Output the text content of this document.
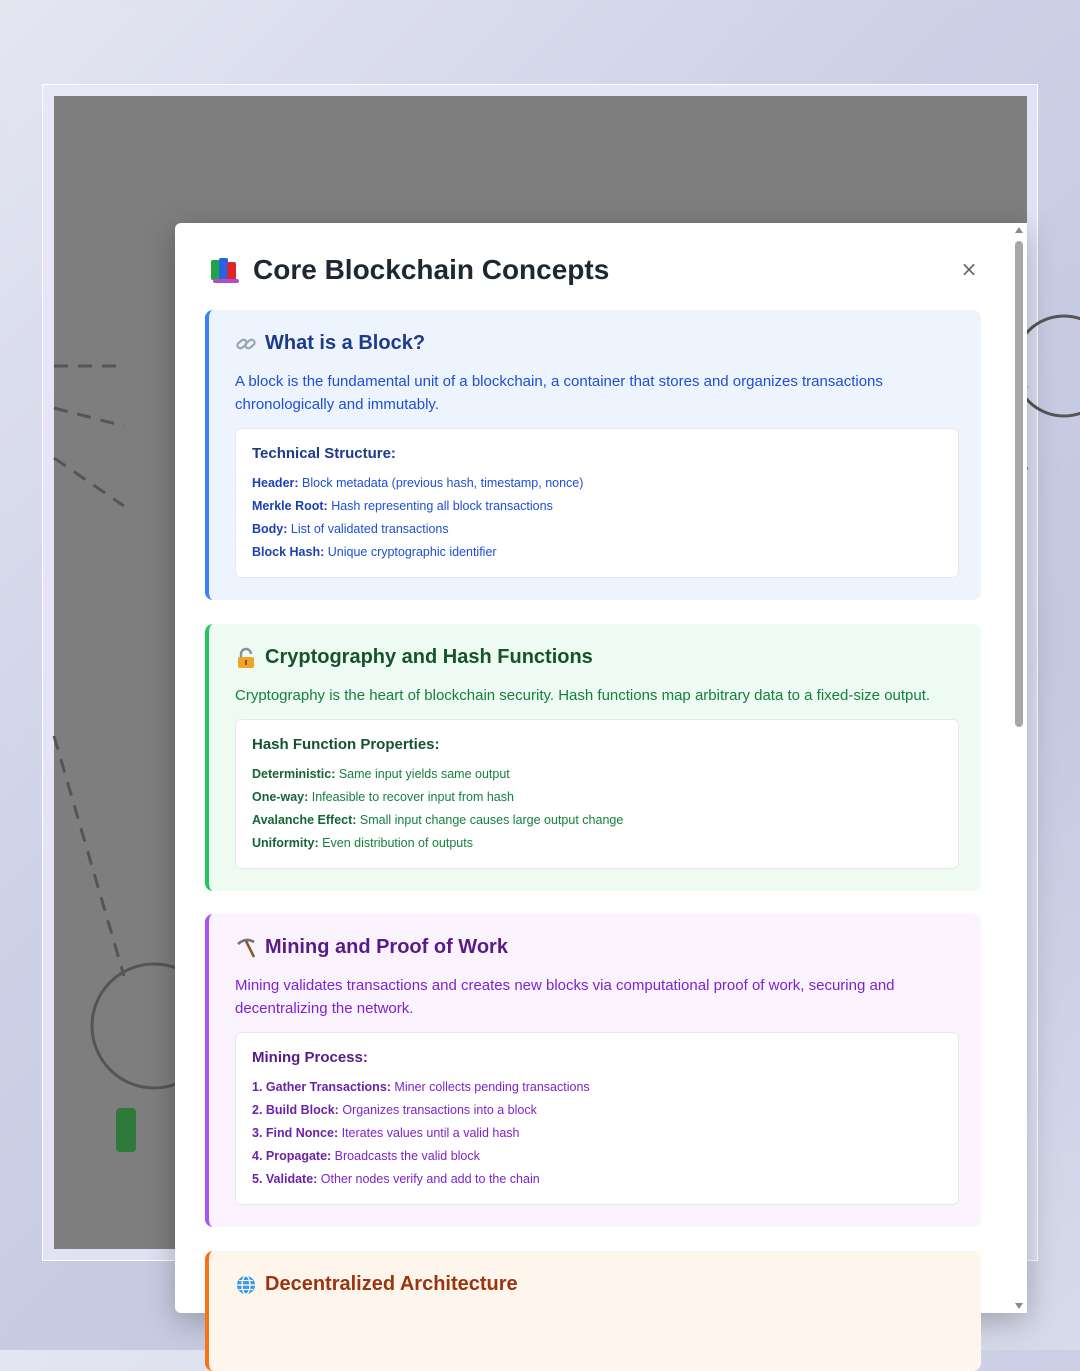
Core Blockchain Concepts	×
What is a Block?

A block is the fundamental unit of a blockchain, a container that stores and organizes transactions chronologically and immutably.

Technical Structure:
Header: Block metadata (previous hash, timestamp, nonce)
Merkle Root: Hash representing all block transactions
Body: List of validated transactions
Block Hash: Unique cryptographic identifier
Cryptography and Hash Functions

Cryptography is the heart of blockchain security. Hash functions map arbitrary data to a fixed-size output.

Hash Function Properties:
Deterministic: Same input yields same output
One-way: Infeasible to recover input from hash
Avalanche Effect: Small input change causes large output change
Uniformity: Even distribution of outputs
Mining and Proof of Work

Mining validates transactions and creates new blocks via computational proof of work, securing and decentralizing the network.

Mining Process:
1. Gather Transactions: Miner collects pending transactions
2. Build Block: Organizes transactions into a block
3. Find Nonce: Iterates values until a valid hash
4. Propagate: Broadcasts the valid block
5. Validate: Other nodes verify and add to the chain
Decentralized Architecture
